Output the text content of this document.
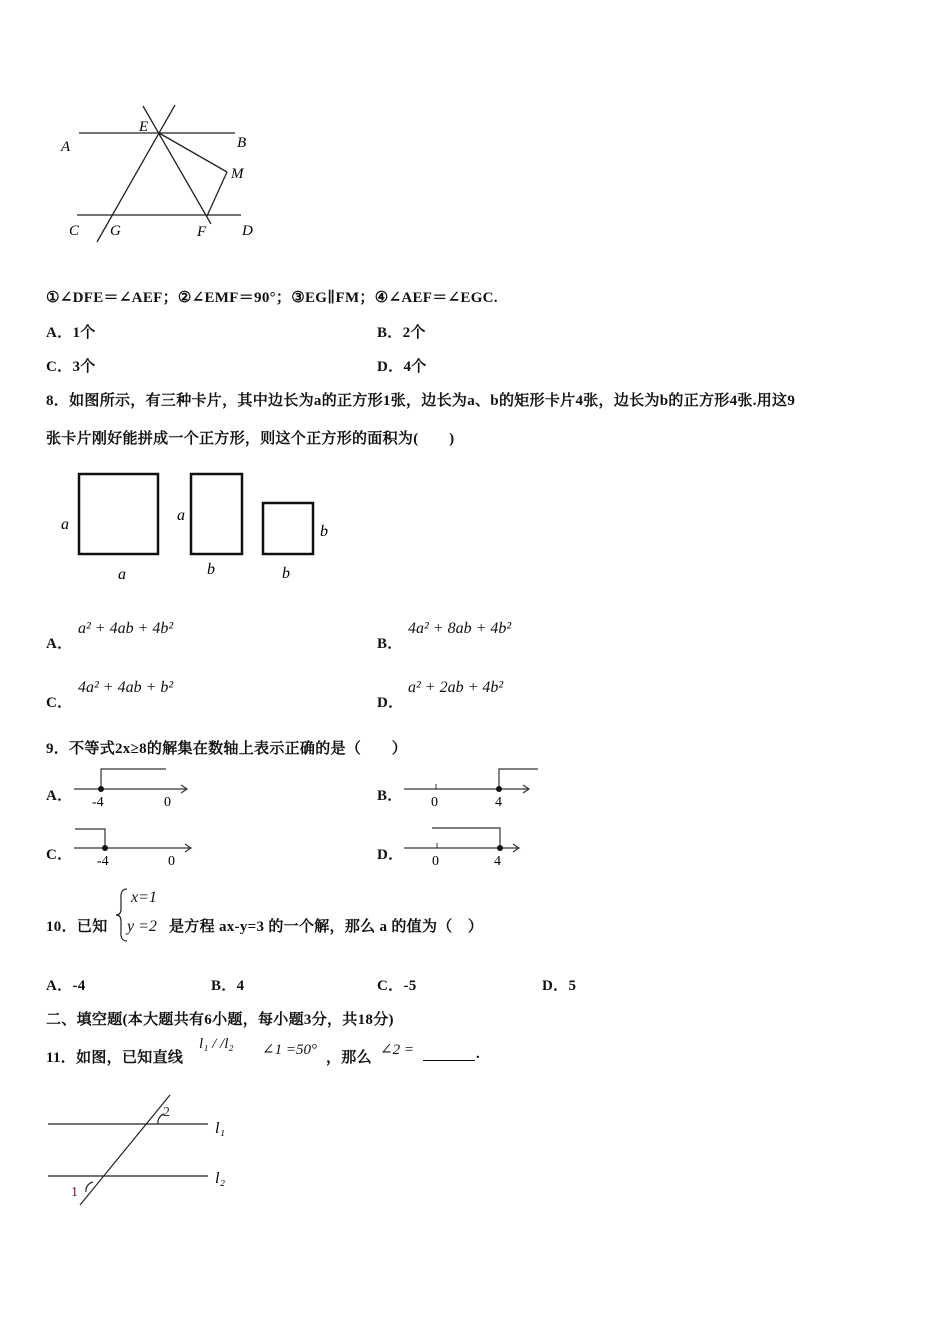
A
E
B
M
C G	F D
①∠DFE＝∠AEF；②∠EMF＝90°；③EG∥FM；④∠AEF＝∠EGC.
A．1个	B．2个
C．3个	D．4个
8．如图所示，有三种卡片，其中边长为a的正方形1张，边长为a、b的矩形卡片4张，边长为b的正方形4张.用这9
张卡片刚好能拼成一个正方形，则这个正方形的面积为(　　)
a
a
a
b
b
b
A．
a² + 4ab + 4b²
B．
4a² + 8ab + 4b²
C．
4a² + 4ab + b²
D．
a² + 2ab + 4b²
9．不等式2x≥8的解集在数轴上表示正确的是（　　）
A． -4	0	B． 0	4
C． -4	0	D． 0	4
10．已知
x=1
y =2 是方程 ax-y=3 的一个解，那么 a 的值为（　）
A．-4	B．4	C．-5	D．5
二、填空题(本大题共有6小题，每小题3分，共18分)
11．如图，已知直线
l₁ / /l₂ ∠1 =50° ，那么 ∠2 =	.
2
1
l₁
l₂
